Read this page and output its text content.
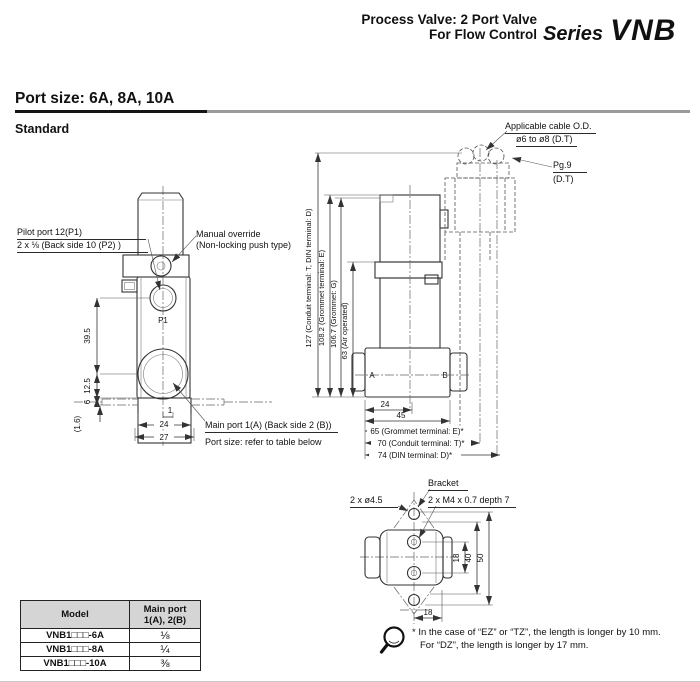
Process Valve: 2 Port Valve
For Flow Control Series VNB
Port size: 6A, 8A, 10A
Standard
P1
39.5
12.5
6
(1.6)
1
24
27
Pilot port 12(P1)
2 x ⅛ (Back side 10 (P2) )
Manual override
(Non-locking push type)
Main port 1(A) (Back side 2 (B))
Port size: refer to table below
127 (Conduit terminal: T, DIN terminal: D) 108.2 (Grommet terminal: E) 106.7 (Grommet: G) 63 (Air operated)
A	B
24
45
65 (Grommet terminal: E)*
70 (Conduit terminal: T)*
74 (DIN terminal: D)*
Applicable cable O.D.
ø6 to ø8 (D.T)
Pg.9
(D.T)
18 40 50
18
Bracket
2 x ø4.5	2 x M4 x 0.7 depth 7
Model	Main port
1(A), 2(B)

VNB1□□□-6A	⅛
VNB1□□□-8A	¼
VNB1□□□-10A	⅜
* In the case of “EZ” or “TZ”, the length is longer by 10 mm.
For “DZ”, the length is longer by 17 mm.
